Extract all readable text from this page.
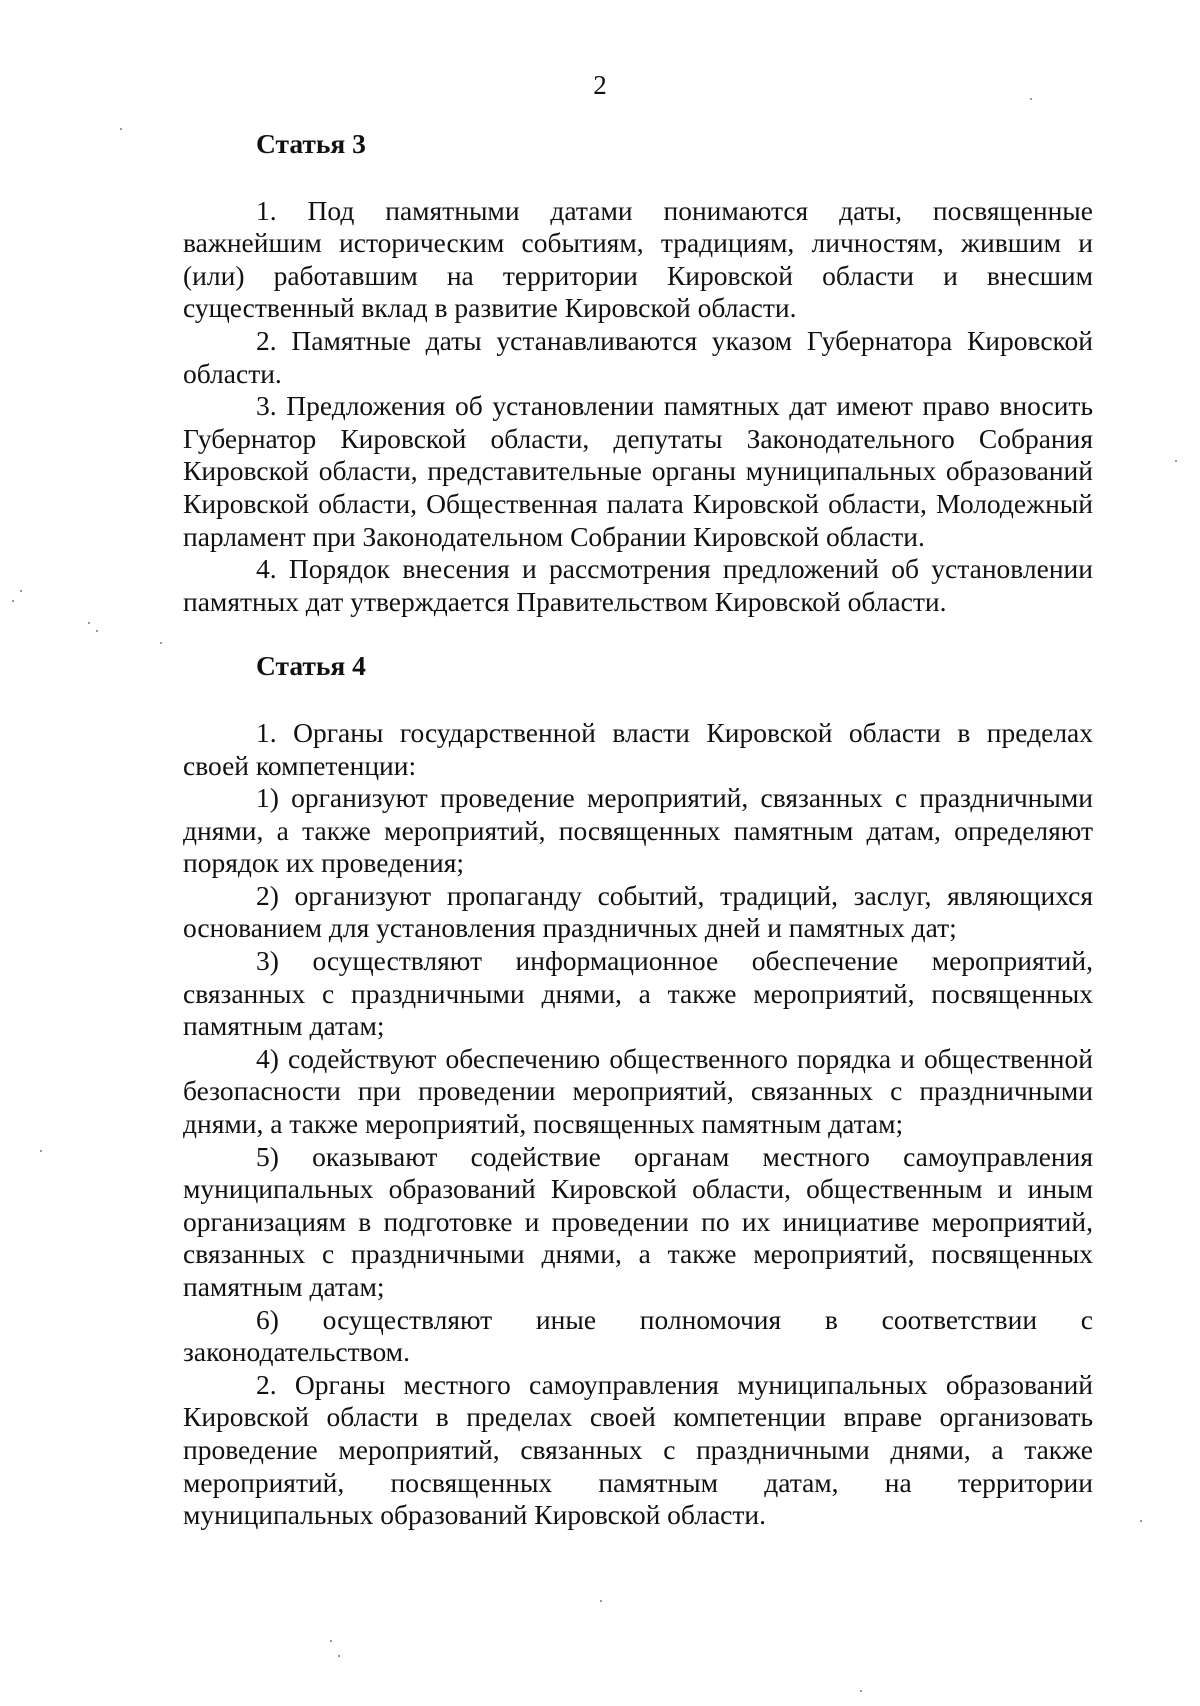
2

Статья 3

1. Под памятными датами понимаются даты, посвященные важнейшим историческим событиям, традициям, личностям, жившим и (или) работавшим на территории Кировской области и внесшим существенный вклад в развитие Кировской области.

2. Памятные даты устанавливаются указом Губернатора Кировской области.

3. Предложения об установлении памятных дат имеют право вносить Губернатор Кировской области, депутаты Законодательного Собрания Кировской области, представительные органы муниципальных образований Кировской области, Общественная палата Кировской области, Молодежный парламент при Законодательном Собрании Кировской области.

4. Порядок внесения и рассмотрения предложений об установлении памятных дат утверждается Правительством Кировской области.

Статья 4

1. Органы государственной власти Кировской области в пределах своей компетенции:

1) организуют проведение мероприятий, связанных с праздничными днями, а также мероприятий, посвященных памятным датам, определяют порядок их проведения;

2) организуют пропаганду событий, традиций, заслуг, являющихся основанием для установления праздничных дней и памятных дат;

3) осуществляют информационное обеспечение мероприятий, связанных с праздничными днями, а также мероприятий, посвященных памятным датам;

4) содействуют обеспечению общественного порядка и общественной безопасности при проведении мероприятий, связанных с праздничными днями, а также мероприятий, посвященных памятным датам;

5) оказывают содействие органам местного самоуправления муниципальных образований Кировской области, общественным и иным организациям в подготовке и проведении по их инициативе мероприятий, связанных с праздничными днями, а также мероприятий, посвященных памятным датам;

6) осуществляют иные полномочия в соответствии с законодательством.

2. Органы местного самоуправления муниципальных образований Кировской области в пределах своей компетенции вправе организовать проведение мероприятий, связанных с праздничными днями, а также мероприятий, посвященных памятным датам, на территории муниципальных образований Кировской области.
